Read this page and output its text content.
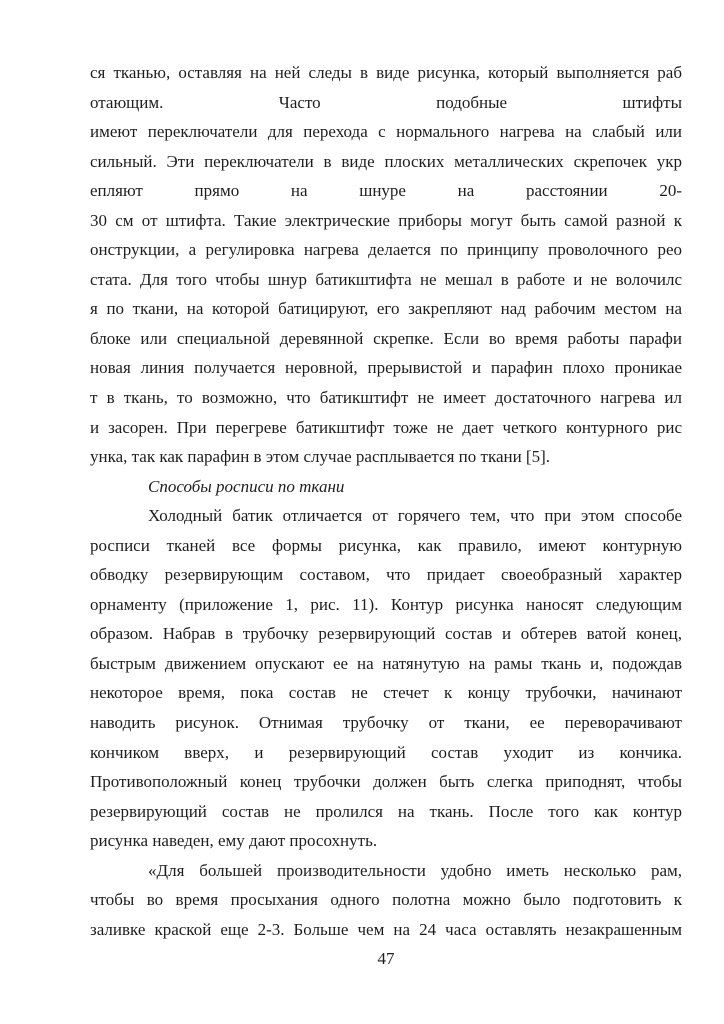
ся тканью, оставляя на ней следы в виде рисунка, который выполняется раб
отающим. Часто подобные штифты
имеют переключатели для перехода с нормального нагрева на слабый или
сильный. Эти переключатели в виде плоских металлических скрепочек укр
епляют прямо на шнуре на расстоянии 20-
30 см от штифта. Такие электрические приборы могут быть самой разной к
онструкции, а регулировка нагрева делается по принципу проволочного рео
стата. Для того чтобы шнур батикштифта не мешал в работе и не волочилс
я по ткани, на которой батицируют, его закрепляют над рабочим местом на
блоке или специальной деревянной скрепке. Если во время работы парафи
новая линия получается неровной, прерывистой и парафин плохо проникае
т в ткань, то возможно, что батикштифт не имеет достаточного нагрева ил
и засорен. При перегреве батикштифт тоже не дает четкого контурного рис
унка, так как парафин в этом случае расплывается по ткани [5].
Способы росписи по ткани
Холодный батик отличается от горячего тем, что при этом способе
росписи тканей все формы рисунка, как правило, имеют контурную
обводку резервирующим составом, что придает своеобразный характер
орнаменту (приложение 1, рис. 11). Контур рисунка наносят следующим
образом. Набрав в трубочку резервирующий состав и обтерев ватой конец,
быстрым движением опускают ее на натянутую на рамы ткань и, подождав
некоторое время, пока состав не стечет к концу трубочки, начинают
наводить рисунок. Отнимая трубочку от ткани, ее переворачивают
кончиком вверх, и резервирующий состав уходит из кончика.
Противоположный конец трубочки должен быть слегка приподнят, чтобы
резервирующий состав не пролился на ткань. После того как контур
рисунка наведен, ему дают просохнуть.
«Для большей производительности удобно иметь несколько рам,
чтобы во время просыхания одного полотна можно было подготовить к
заливке краской еще 2-3. Больше чем на 24 часа оставлять незакрашенным
47
